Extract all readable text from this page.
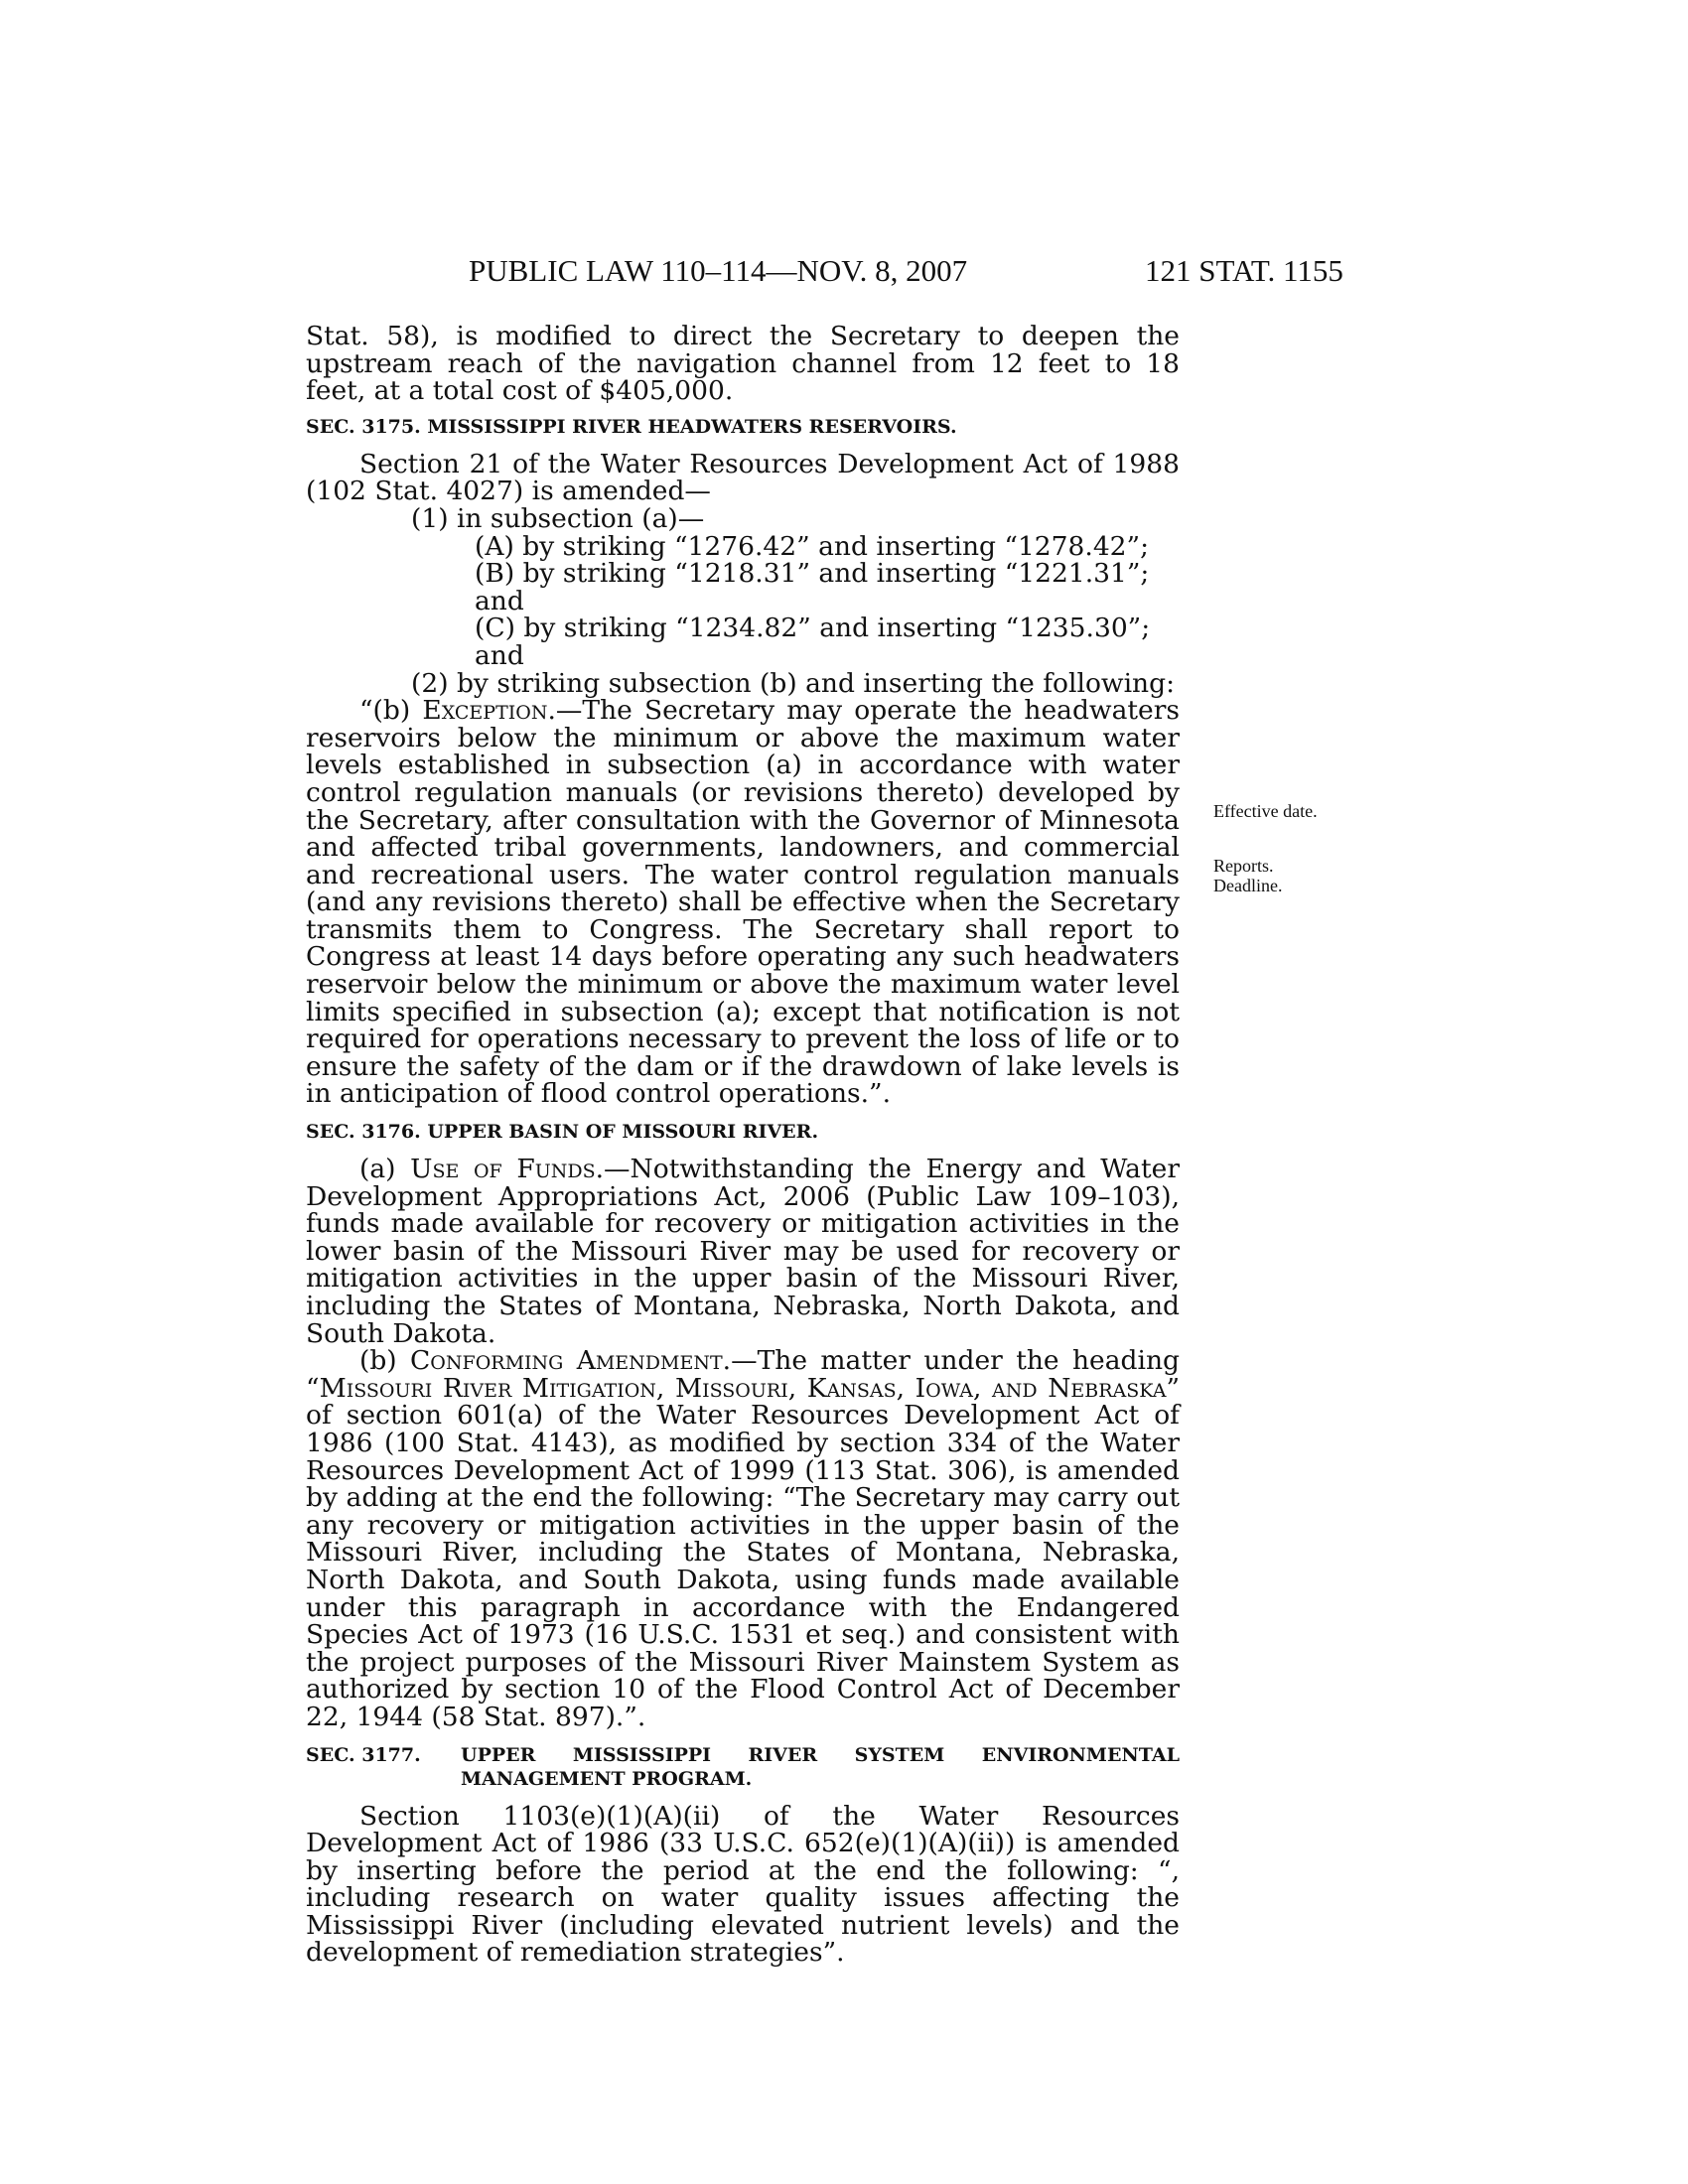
PUBLIC LAW 110–114—NOV. 8, 2007	121 STAT. 1155
Effective date.
Reports.
Deadline.

Stat. 58), is modified to direct the Secretary to deepen the upstream reach of the navigation channel from 12 feet to 18 feet, at a total cost of $405,000.

SEC. 3175. MISSISSIPPI RIVER HEADWATERS RESERVOIRS.

Section 21 of the Water Resources Development Act of 1988 (102 Stat. 4027) is amended—

(1) in subsection (a)—

(A) by striking “1276.42” and inserting “1278.42”;

(B) by striking “1218.31” and inserting “1221.31”; and

(C) by striking “1234.82” and inserting “1235.30”; and

(2) by striking subsection (b) and inserting the following:

“(b) Exception.—The Secretary may operate the headwaters reservoirs below the minimum or above the maximum water levels established in subsection (a) in accordance with water control regulation manuals (or revisions thereto) developed by the Secretary, after consultation with the Governor of Minnesota and affected tribal governments, landowners, and commercial and recreational users. The water control regulation manuals (and any revisions thereto) shall be effective when the Secretary transmits them to Congress. The Secretary shall report to Congress at least 14 days before operating any such headwaters reservoir below the minimum or above the maximum water level limits specified in subsection (a); except that notification is not required for operations necessary to prevent the loss of life or to ensure the safety of the dam or if the drawdown of lake levels is in anticipation of flood control operations.”.

SEC. 3176. UPPER BASIN OF MISSOURI RIVER.

(a) Use of Funds.—Notwithstanding the Energy and Water Development Appropriations Act, 2006 (Public Law 109–103), funds made available for recovery or mitigation activities in the lower basin of the Missouri River may be used for recovery or mitigation activities in the upper basin of the Missouri River, including the States of Montana, Nebraska, North Dakota, and South Dakota.

(b) Conforming Amendment.—The matter under the heading “Missouri River Mitigation, Missouri, Kansas, Iowa, and Nebraska” of section 601(a) of the Water Resources Development Act of 1986 (100 Stat. 4143), as modified by section 334 of the Water Resources Development Act of 1999 (113 Stat. 306), is amended by adding at the end the following: “The Secretary may carry out any recovery or mitigation activities in the upper basin of the Missouri River, including the States of Montana, Nebraska, North Dakota, and South Dakota, using funds made available under this paragraph in accordance with the Endangered Species Act of 1973 (16 U.S.C. 1531 et seq.) and consistent with the project purposes of the Missouri River Mainstem System as authorized by section 10 of the Flood Control Act of December 22, 1944 (58 Stat. 897).”.

SEC. 3177.	UPPER MISSISSIPPI RIVER SYSTEM ENVIRONMENTAL MANAGEMENT PROGRAM.

Section 1103(e)(1)(A)(ii) of the Water Resources Development Act of 1986 (33 U.S.C. 652(e)(1)(A)(ii)) is amended by inserting before the period at the end the following: “, including research on water quality issues affecting the Mississippi River (including elevated nutrient levels) and the development of remediation strategies”.
